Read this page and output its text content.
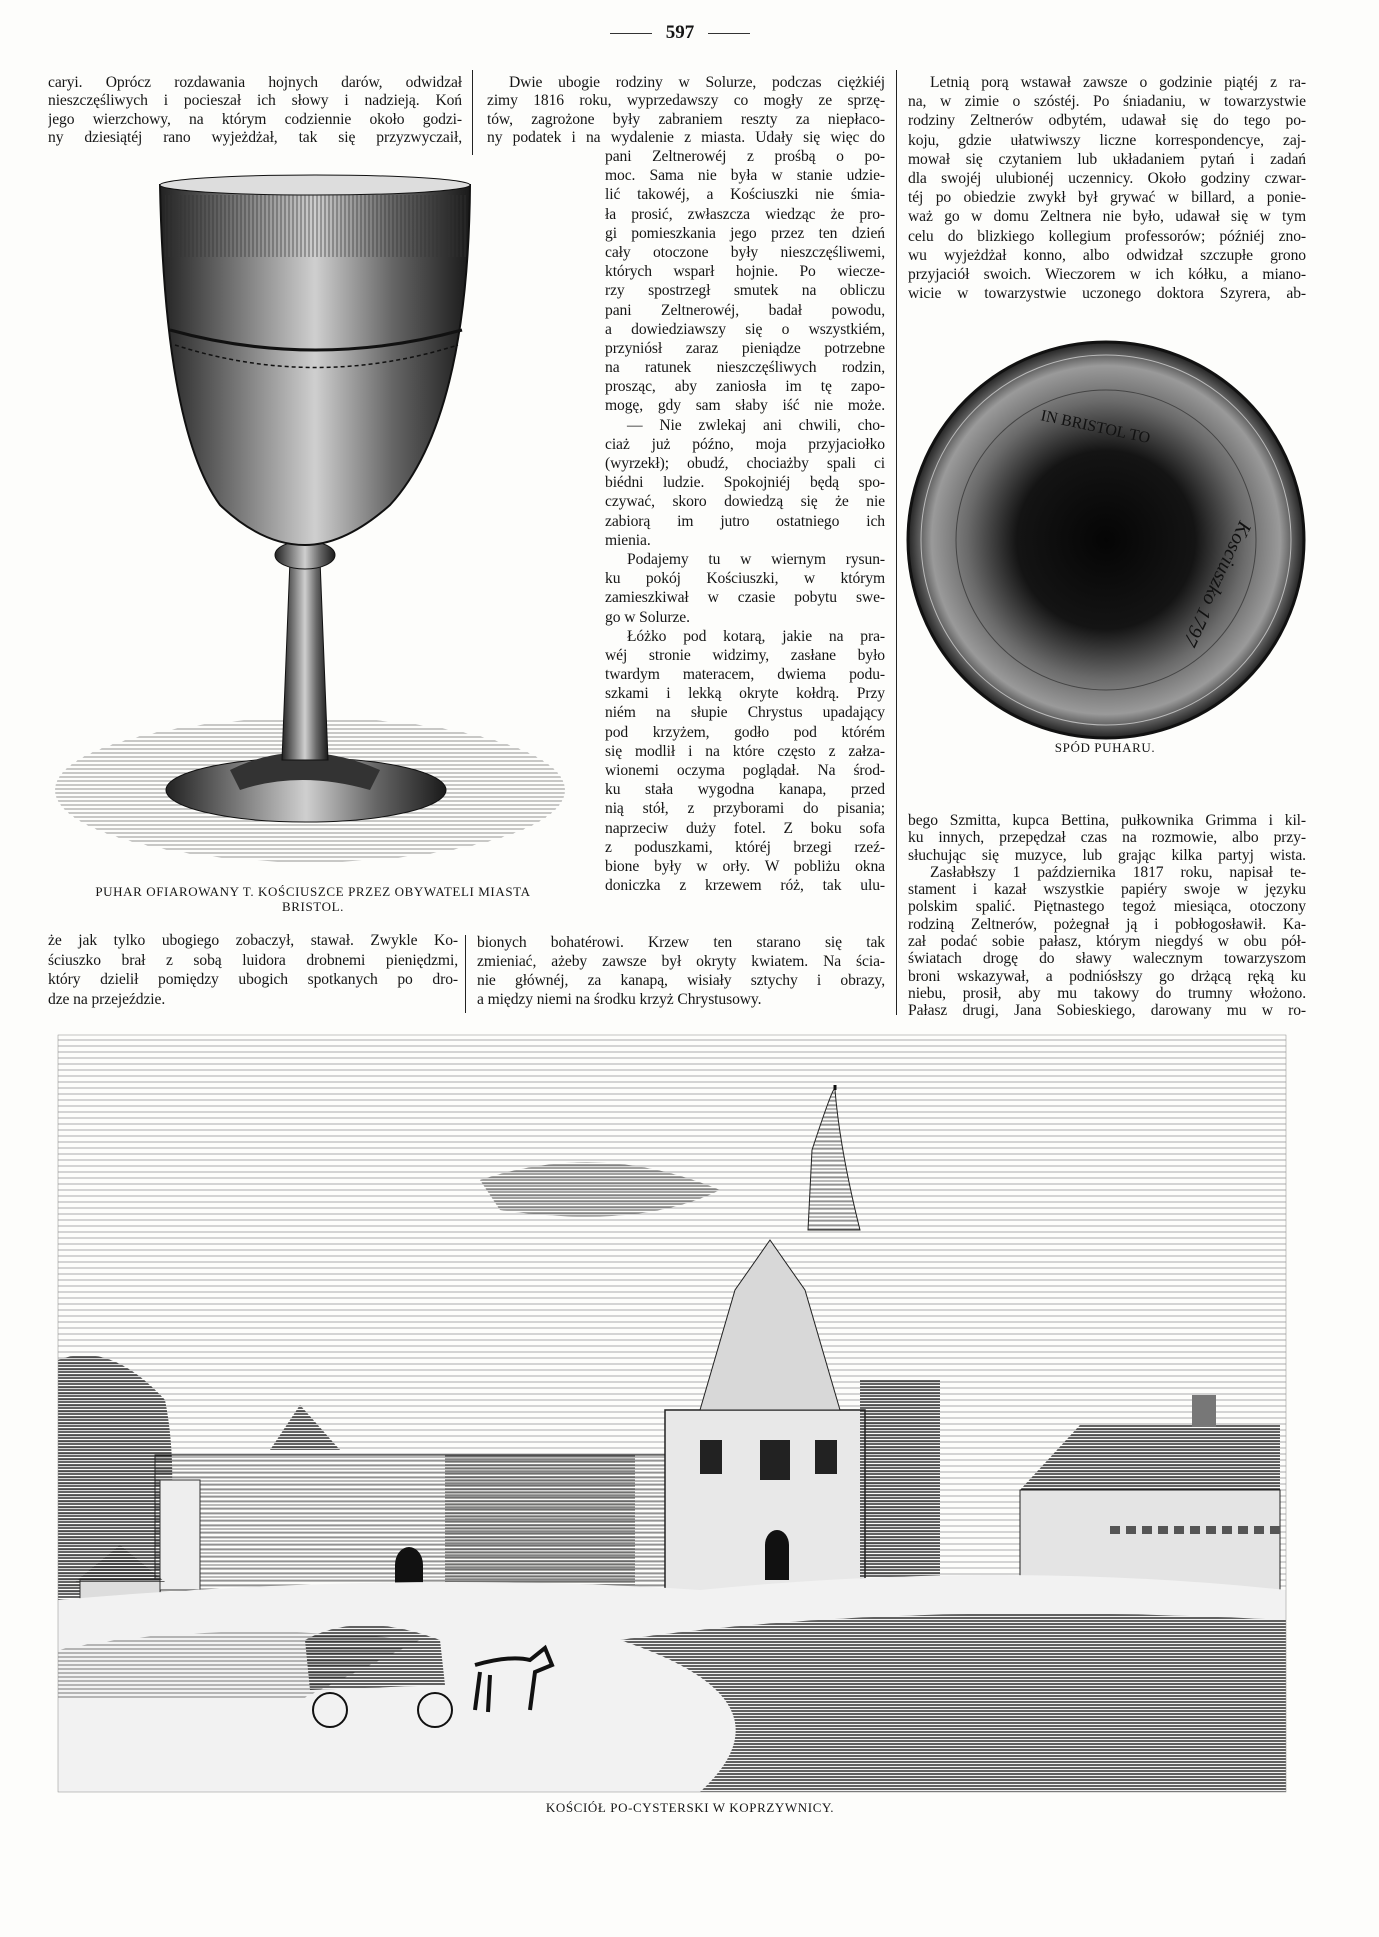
IN BRISTOL TO
Kosciuszko 1797
597
caryi. Oprócz rozdawania hojnych darów, odwidzał
nieszczęśliwych i pocieszał ich słowy i nadzieją. Koń
jego wierzchowy, na którym codziennie około godzi-
ny dziesiątéj rano wyjeżdżał, tak się przyzwyczaił,
PUHAR OFIAROWANY T. KOŚCIUSZCE PRZEZ OBYWATELI MIASTA
BRISTOL.
że jak tylko ubogiego zobaczył, stawał. Zwykle Ko-
ściuszko brał z sobą luidora drobnemi pieniędzmi,
który dzielił pomiędzy ubogich spotkanych po dro-
dze na przejeździe.
Dwie ubogie rodziny w Solurze, podczas ciężkiéj
zimy 1816 roku, wyprzedawszy co mogły ze sprzę-
tów, zagrożone były zabraniem reszty za niepłaco-
ny podatek i na wydalenie z miasta. Udały się więc do
pani Zeltnerowéj z prośbą o po-
moc. Sama nie była w stanie udzie-
lić takowéj, a Kościuszki nie śmia-
ła prosić, zwłaszcza wiedząc że pro-
gi pomieszkania jego przez ten dzień
cały otoczone były nieszczęśliwemi,
których wsparł hojnie. Po wiecze-
rzy spostrzegł smutek na obliczu
pani Zeltnerowéj, badał powodu,
a dowiedziawszy się o wszystkiém,
przyniósł zaraz pieniądze potrzebne
na ratunek nieszczęśliwych rodzin,
prosząc, aby zaniosła im tę zapo-
mogę, gdy sam słaby iść nie może.
— Nie zwlekaj ani chwili, cho-
ciaż już późno, moja przyjaciołko
(wyrzekł); obudź, chociażby spali ci
biédni ludzie. Spokojniéj będą spo-
czywać, skoro dowiedzą się że nie
zabiorą im jutro ostatniego ich
mienia.
Podajemy tu w wiernym rysun-
ku pokój Kościuszki, w którym
zamieszkiwał w czasie pobytu swe-
go w Solurze.
Łóżko pod kotarą, jakie na pra-
wéj stronie widzimy, zasłane było
twardym materacem, dwiema podu-
szkami i lekką okryte kołdrą. Przy
niém na słupie Chrystus upadający
pod krzyżem, godło pod którém
się modlił i na które często z załza-
wionemi oczyma poglądał. Na środ-
ku stała wygodna kanapa, przed
nią stół, z przyborami do pisania;
naprzeciw duży fotel. Z boku sofa
z poduszkami, któréj brzegi rzeź-
bione były w orły. W pobliżu okna
doniczka z krzewem róż, tak ulu-
bionych bohatérowi. Krzew ten starano się tak
zmieniać, ażeby zawsze był okryty kwiatem. Na ścia-
nie głównéj, za kanapą, wisiały sztychy i obrazy,
a między niemi na środku krzyż Chrystusowy.
Letnią porą wstawał zawsze o godzinie piątéj z ra-
na, w zimie o szóstéj. Po śniadaniu, w towarzystwie
rodziny Zeltnerów odbytém, udawał się do tego po-
koju, gdzie ułatwiwszy liczne korrespondencye, zaj-
mował się czytaniem lub układaniem pytań i zadań
dla swojéj ulubionéj uczennicy. Około godziny czwar-
téj po obiedzie zwykł był grywać w billard, a ponie-
waż go w domu Zeltnera nie było, udawał się w tym
celu do blizkiego kollegium professorów; późniéj zno-
wu wyjeżdżał konno, albo odwidzał szczupłe grono
przyjaciół swoich. Wieczorem w ich kółku, a miano-
wicie w towarzystwie uczonego doktora Szyrera, ab-
SPÓD PUHARU.
bego Szmitta, kupca Bettina, pułkownika Grimma i kil-
ku innych, przepędzał czas na rozmowie, albo przy-
słuchując się muzyce, lub grając kilka partyj wista.
Zasłabłszy 1 października 1817 roku, napisał te-
stament i kazał wszystkie papiéry swoje w języku
polskim spalić. Piętnastego tegoż miesiąca, otoczony
rodziną Zeltnerów, pożegnał ją i pobłogosławił. Ka-
zał podać sobie pałasz, którym niegdyś w obu pół-
światach drogę do sławy walecznym towarzyszom
broni wskazywał, a podniósłszy go drżącą ręką ku
niebu, prosił, aby mu takowy do trumny włożono.
Pałasz drugi, Jana Sobieskiego, darowany mu w ro-
KOŚCIÓŁ PO-CYSTERSKI W KOPRZYWNICY.
